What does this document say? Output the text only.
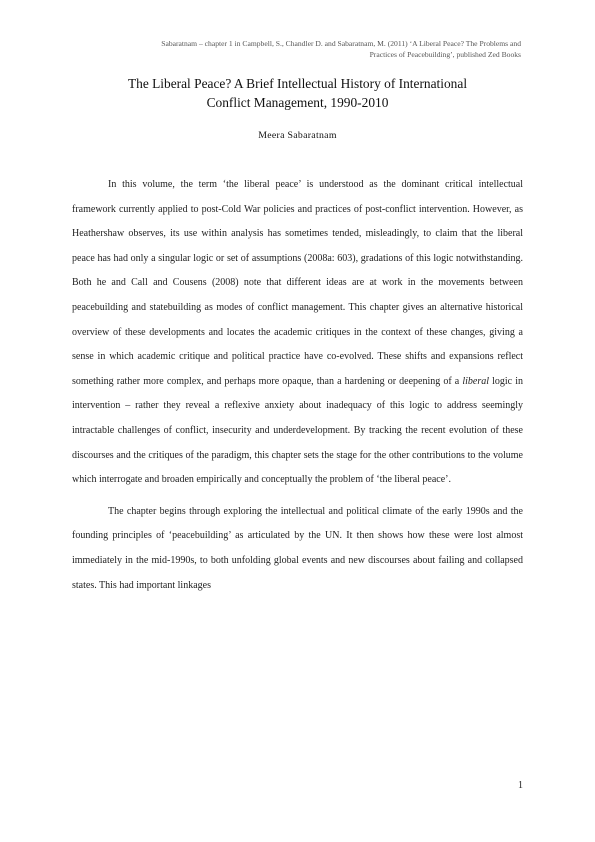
Sabaratnam – chapter 1 in Campbell, S., Chandler D. and Sabaratnam, M. (2011) ‘A Liberal Peace? The Problems and
Practices of Peacebuilding’, published Zed Books
The Liberal Peace? A Brief Intellectual History of International
Conflict Management, 1990-2010
Meera Sabaratnam

In this volume, the term ‘the liberal peace’ is understood as the dominant critical intellectual framework currently applied to post-Cold War policies and practices of post-conflict intervention. However, as Heathershaw observes, its use within analysis has sometimes tended, misleadingly, to claim that the liberal peace has had only a singular logic or set of assumptions (2008a: 603), gradations of this logic notwithstanding. Both he and Call and Cousens (2008) note that different ideas are at work in the movements between peacebuilding and statebuilding as modes of conflict management. This chapter gives an alternative historical overview of these developments and locates the academic critiques in the context of these changes, giving a sense in which academic critique and political practice have co-evolved. These shifts and expansions reflect something rather more complex, and perhaps more opaque, than a hardening or deepening of a liberal logic in intervention – rather they reveal a reflexive anxiety about inadequacy of this logic to address seemingly intractable challenges of conflict, insecurity and underdevelopment. By tracking the recent evolution of these discourses and the critiques of the paradigm, this chapter sets the stage for the other contributions to the volume which interrogate and broaden empirically and conceptually the problem of ‘the liberal peace’.

The chapter begins through exploring the intellectual and political climate of the early 1990s and the founding principles of ‘peacebuilding’ as articulated by the UN. It then shows how these were lost almost immediately in the mid-1990s, to both unfolding global events and new discourses about failing and collapsed states. This had important linkages

1
